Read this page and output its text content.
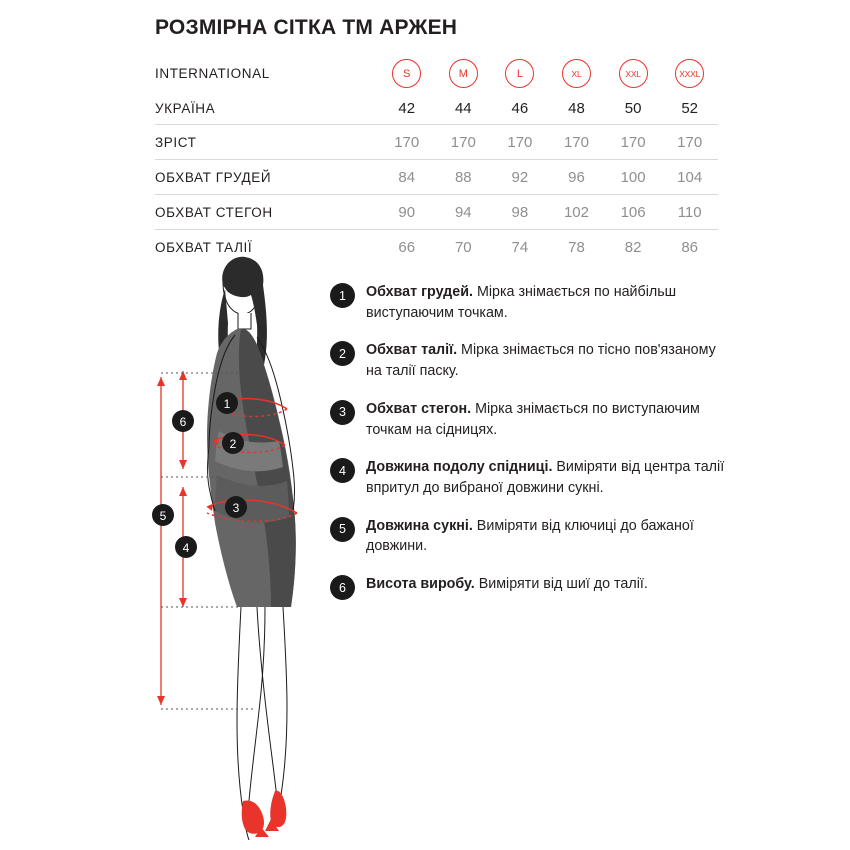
РОЗМІРНА СІТКА ТМ АРЖЕН
INTERNATIONAL	S	M	L	XL	XXL	XXXL
УКРАЇНА	42	44	46	48	50	52
ЗРІСТ	170	170	170	170	170	170
ОБХВАТ ГРУДЕЙ	84	88	92	96	100	104
ОБХВАТ СТЕГОН	90	94	98	102	106	110
ОБХВАТ ТАЛІЇ	66	70	74	78	82	86
6
1
2
3
4
5
1	Обхват грудей. Мірка знімається по найбільш виступаючим точкам.
2	Обхват талії. Мірка знімається по тісно пов'язаному на талії паску.
3	Обхват стегон. Мірка знімається по виступаючим точкам на сідницях.
4	Довжина подолу спідниці. Виміряти від центра талії впритул до вибраної довжини сукні.
5	Довжина сукні. Виміряти від ключиці до бажаної довжини.
6	Висота виробу. Виміряти від шиї до талії.
